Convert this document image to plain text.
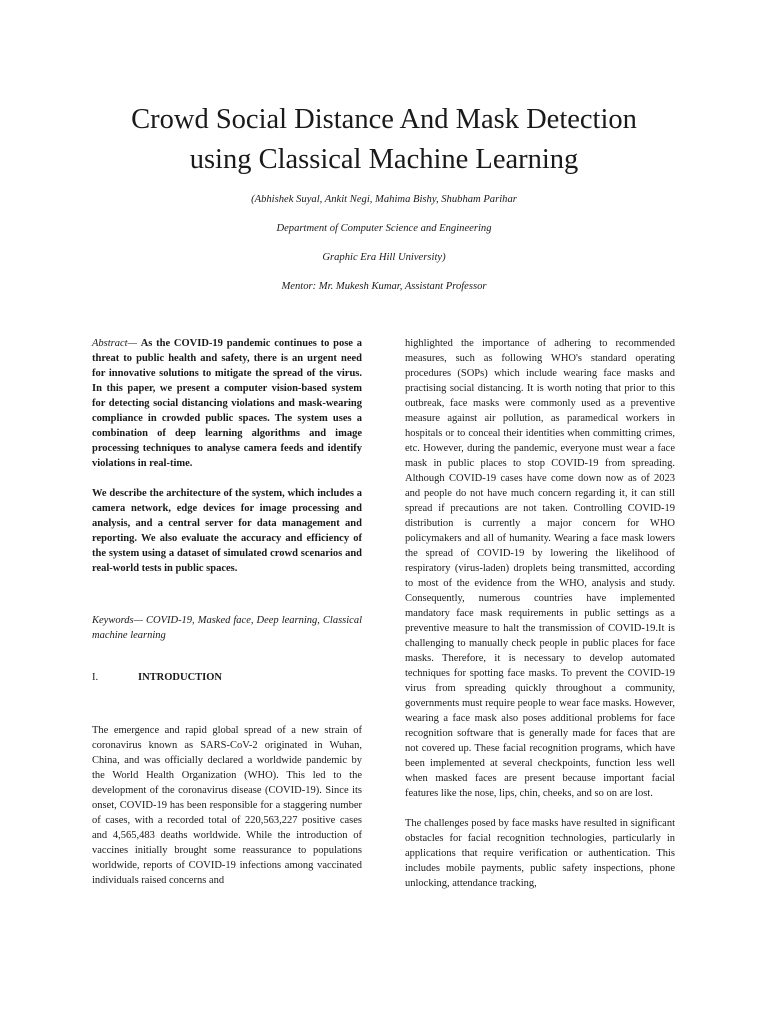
Crowd Social Distance And Mask Detection
using Classical Machine Learning

(Abhishek Suyal, Ankit Negi, Mahima Bishy, Shubham Parihar

Department of Computer Science and Engineering

Graphic Era Hill University)

Mentor: Mr. Mukesh Kumar, Assistant Professor

Abstract— As the COVID-19 pandemic continues to pose a threat to public health and safety, there is an urgent need for innovative solutions to mitigate the spread of the virus. In this paper, we present a computer vision-based system for detecting social distancing violations and mask-wearing compliance in crowded public spaces. The system uses a combination of deep learning algorithms and image processing techniques to analyse camera feeds and identify violations in real-time.

We describe the architecture of the system, which includes a camera network, edge devices for image processing and analysis, and a central server for data management and reporting. We also evaluate the accuracy and efficiency of the system using a dataset of simulated crowd scenarios and real-world tests in public spaces.

Keywords— COVID-19, Masked face, Deep learning, Classical machine learning

I.	INTRODUCTION

The emergence and rapid global spread of a new strain of coronavirus known as SARS-CoV-2 originated in Wuhan, China, and was officially declared a worldwide pandemic by the World Health Organization (WHO). This led to the development of the coronavirus disease (COVID-19). Since its onset, COVID-19 has been responsible for a staggering number of cases, with a recorded total of 220,563,227 positive cases and 4,565,483 deaths worldwide. While the introduction of vaccines initially brought some reassurance to populations worldwide, reports of COVID-19 infections among vaccinated individuals raised concerns and

highlighted the importance of adhering to recommended measures, such as following WHO's standard operating procedures (SOPs) which include wearing face masks and practising social distancing. It is worth noting that prior to this outbreak, face masks were commonly used as a preventive measure against air pollution, as paramedical workers in hospitals or to conceal their identities when committing crimes, etc. However, during the pandemic, everyone must wear a face mask in public places to stop COVID-19 from spreading. Although COVID-19 cases have come down now as of 2023 and people do not have much concern regarding it, it can still spread if precautions are not taken. Controlling COVID-19 distribution is currently a major concern for WHO policymakers and all of humanity. Wearing a face mask lowers the spread of COVID-19 by lowering the likelihood of respiratory (virus-laden) droplets being transmitted, according to most of the evidence from the WHO, analysis and study. Consequently, numerous countries have implemented mandatory face mask requirements in public settings as a preventive measure to halt the transmission of COVID-19.It is challenging to manually check people in public places for face masks. Therefore, it is necessary to develop automated techniques for spotting face masks. To prevent the COVID-19 virus from spreading quickly throughout a community, governments must require people to wear face masks. However, wearing a face mask also poses additional problems for face recognition software that is generally made for faces that are not covered up. These facial recognition programs, which have been implemented at several checkpoints, function less well when masked faces are present because important facial features like the nose, lips, chin, cheeks, and so on are lost.

The challenges posed by face masks have resulted in significant obstacles for facial recognition technologies, particularly in applications that require verification or authentication. This includes mobile payments, public safety inspections, phone unlocking, attendance tracking,
